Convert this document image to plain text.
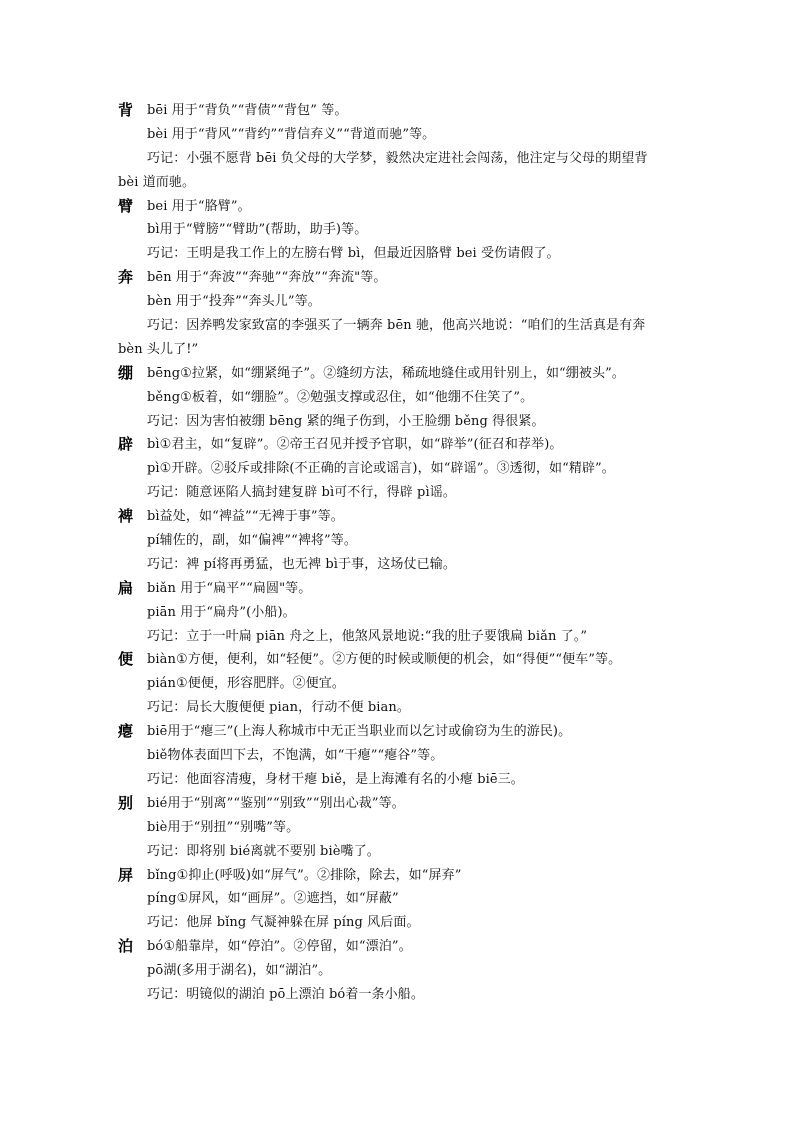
背	bēi 用于“背负”“背债”“背包” 等。
bèi 用于“背风”“背约”“背信弃义”“背道而驰”等。
巧记：小强不愿背 bēi 负父母的大学梦，毅然决定进社会闯荡，他注定与父母的期望背
bèi 道而驰。
臂	bei 用于“胳臂”。
bì用于“臂膀”“臂助”(帮助，助手)等。
巧记：王明是我工作上的左膀右臂 bì，但最近因胳臂 bei 受伤请假了。
奔	bēn 用于“奔波”“奔驰”“奔放”“奔流"等。
bèn 用于“投奔”“奔头儿”等。
巧记：因养鸭发家致富的李强买了一辆奔 bēn 驰，他高兴地说：“咱们的生活真是有奔
bèn 头儿了!”
绷	bēng①拉紧，如“绷紧绳子”。②缝纫方法，稀疏地缝住或用针别上，如“绷被头”。
běng①板着，如“绷脸”。②勉强支撑或忍住，如“他绷不住笑了”。
巧记：因为害怕被绷 bēng 紧的绳子伤到，小王脸绷 běng 得很紧。
辟	bì①君主，如“复辟”。②帝王召见并授予官职，如“辟举”(征召和荐举)。
pì①开辟。②驳斥或排除(不正确的言论或谣言)，如“辟谣”。③透彻，如“精辟”。
巧记：随意诬陷人搞封建复辟 bì可不行，得辟 pì谣。
裨	bì益处，如“裨益”“无裨于事”等。
pí辅佐的，副，如“偏裨”“裨将”等。
巧记：裨 pí将再勇猛，也无裨 bì于事，这场仗已输。
扁	biǎn 用于“扁平”“扁圆"等。
piān 用于“扁舟”(小船)。
巧记：立于一叶扁 piān 舟之上，他煞风景地说:“我的肚子要饿扁 biǎn 了。”
便	biàn①方便，便利，如“轻便”。②方便的时候或顺便的机会，如“得便”“便车”等。
pián①便便，形容肥胖。②便宜。
巧记：局长大腹便便 pian，行动不便 bian。
瘪	biē用于“瘪三”(上海人称城市中无正当职业而以乞讨或偷窃为生的游民)。
biě物体表面凹下去，不饱满，如“干瘪”“瘪谷”等。
巧记：他面容清瘦，身材干瘪 biě，是上海滩有名的小瘪 biē三。
别	bié用于“别离”“鉴别”“别致”“别出心裁”等。
biè用于“别扭”“别嘴”等。
巧记：即将别 bié离就不要别 biè嘴了。
屏	bǐng①抑止(呼吸)如“屏气”。②排除，除去，如“屏弃”
píng①屏风，如“画屏”。②遮挡，如“屏蔽”
巧记：他屏 bǐng 气凝神躲在屏 píng 风后面。
泊	bó①船靠岸，如“停泊”。②停留，如“漂泊”。
pō湖(多用于湖名)，如“湖泊”。
巧记：明镜似的湖泊 pō上漂泊 bó着一条小船。
